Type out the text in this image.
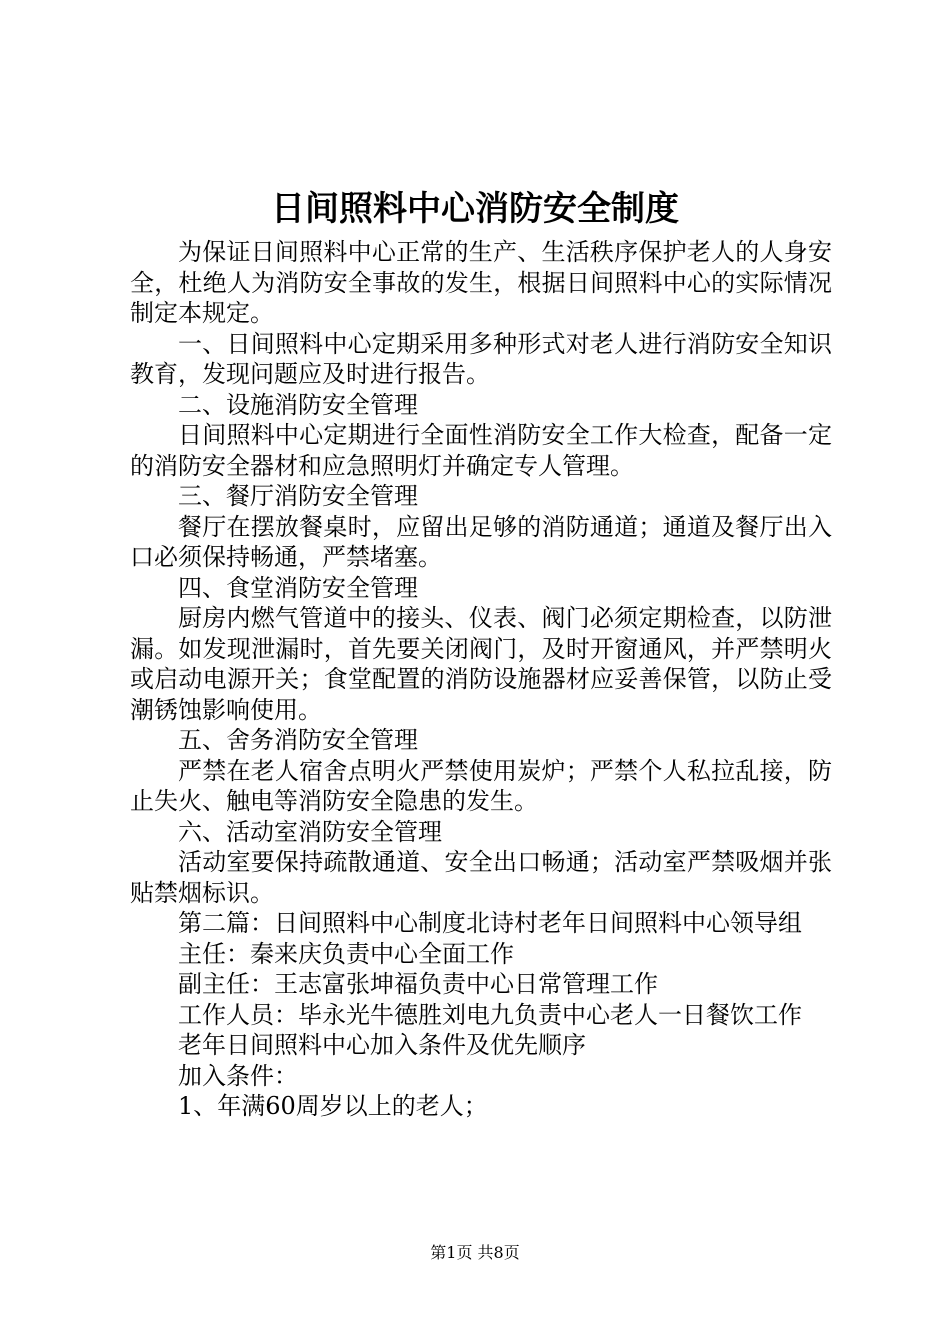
日间照料中心消防安全制度

为保证日间照料中心正常的生产、生活秩序保护老人的人身安全，杜绝人为消防安全事故的发生，根据日间照料中心的实际情况制定本规定。

一、日间照料中心定期采用多种形式对老人进行消防安全知识教育，发现问题应及时进行报告。

二、设施消防安全管理

日间照料中心定期进行全面性消防安全工作大检查，配备一定的消防安全器材和应急照明灯并确定专人管理。

三、餐厅消防安全管理

餐厅在摆放餐桌时，应留出足够的消防通道；通道及餐厅出入口必须保持畅通，严禁堵塞。

四、食堂消防安全管理

厨房内燃气管道中的接头、仪表、阀门必须定期检查，以防泄漏。如发现泄漏时，首先要关闭阀门，及时开窗通风，并严禁明火或启动电源开关；食堂配置的消防设施器材应妥善保管，以防止受潮锈蚀影响使用。

五、舍务消防安全管理

严禁在老人宿舍点明火严禁使用炭炉；严禁个人私拉乱接，防止失火、触电等消防安全隐患的发生。

六、活动室消防安全管理

活动室要保持疏散通道、安全出口畅通；活动室严禁吸烟并张贴禁烟标识。

第二篇：日间照料中心制度北诗村老年日间照料中心领导组

主任：秦来庆负责中心全面工作

副主任：王志富张坤福负责中心日常管理工作

工作人员：毕永光牛德胜刘电九负责中心老人一日餐饮工作

老年日间照料中心加入条件及优先顺序

加入条件：

1、年满60周岁以上的老人；

第1页 共8页
